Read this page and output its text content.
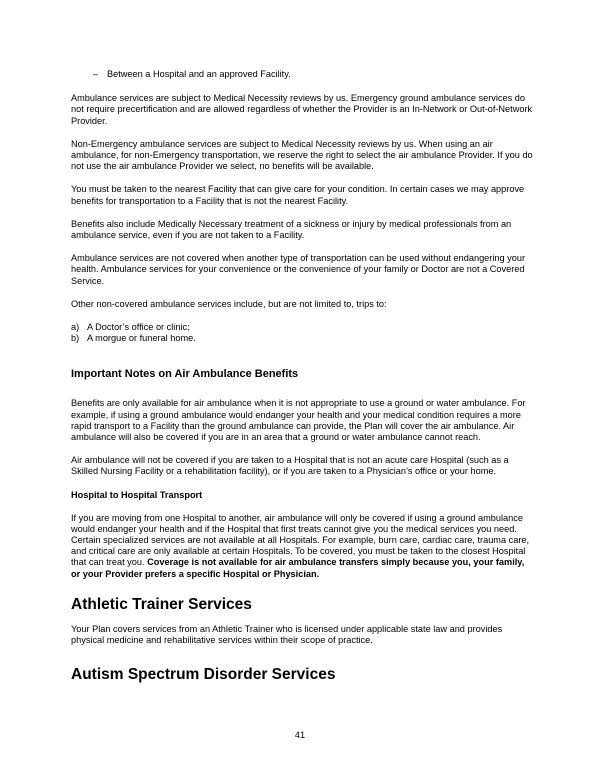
– Between a Hospital and an approved Facility.

Ambulance services are subject to Medical Necessity reviews by us. Emergency ground ambulance services do not require precertification and are allowed regardless of whether the Provider is an In-Network or Out-of-Network Provider.

Non-Emergency ambulance services are subject to Medical Necessity reviews by us. When using an air ambulance, for non-Emergency transportation, we reserve the right to select the air ambulance Provider. If you do not use the air ambulance Provider we select, no benefits will be available.

You must be taken to the nearest Facility that can give care for your condition. In certain cases we may approve benefits for transportation to a Facility that is not the nearest Facility.

Benefits also include Medically Necessary treatment of a sickness or injury by medical professionals from an ambulance service, even if you are not taken to a Facility.

Ambulance services are not covered when another type of transportation can be used without endangering your health. Ambulance services for your convenience or the convenience of your family or Doctor are not a Covered Service.

Other non-covered ambulance services include, but are not limited to, trips to:

a) A Doctor’s office or clinic;
b) A morgue or funeral home.
Important Notes on Air Ambulance Benefits

Benefits are only available for air ambulance when it is not appropriate to use a ground or water ambulance. For example, if using a ground ambulance would endanger your health and your medical condition requires a more rapid transport to a Facility than the ground ambulance can provide, the Plan will cover the air ambulance. Air ambulance will also be covered if you are in an area that a ground or water ambulance cannot reach.

Air ambulance will not be covered if you are taken to a Hospital that is not an acute care Hospital (such as a Skilled Nursing Facility or a rehabilitation facility), or if you are taken to a Physician’s office or your home.

Hospital to Hospital Transport

If you are moving from one Hospital to another, air ambulance will only be covered if using a ground ambulance would endanger your health and if the Hospital that first treats cannot give you the medical services you need. Certain specialized services are not available at all Hospitals. For example, burn care, cardiac care, trauma care, and critical care are only available at certain Hospitals. To be covered, you must be taken to the closest Hospital that can treat you. Coverage is not available for air ambulance transfers simply because you, your family, or your Provider prefers a specific Hospital or Physician.

Athletic Trainer Services

Your Plan covers services from an Athletic Trainer who is licensed under applicable state law and provides physical medicine and rehabilitative services within their scope of practice.

Autism Spectrum Disorder Services
41
